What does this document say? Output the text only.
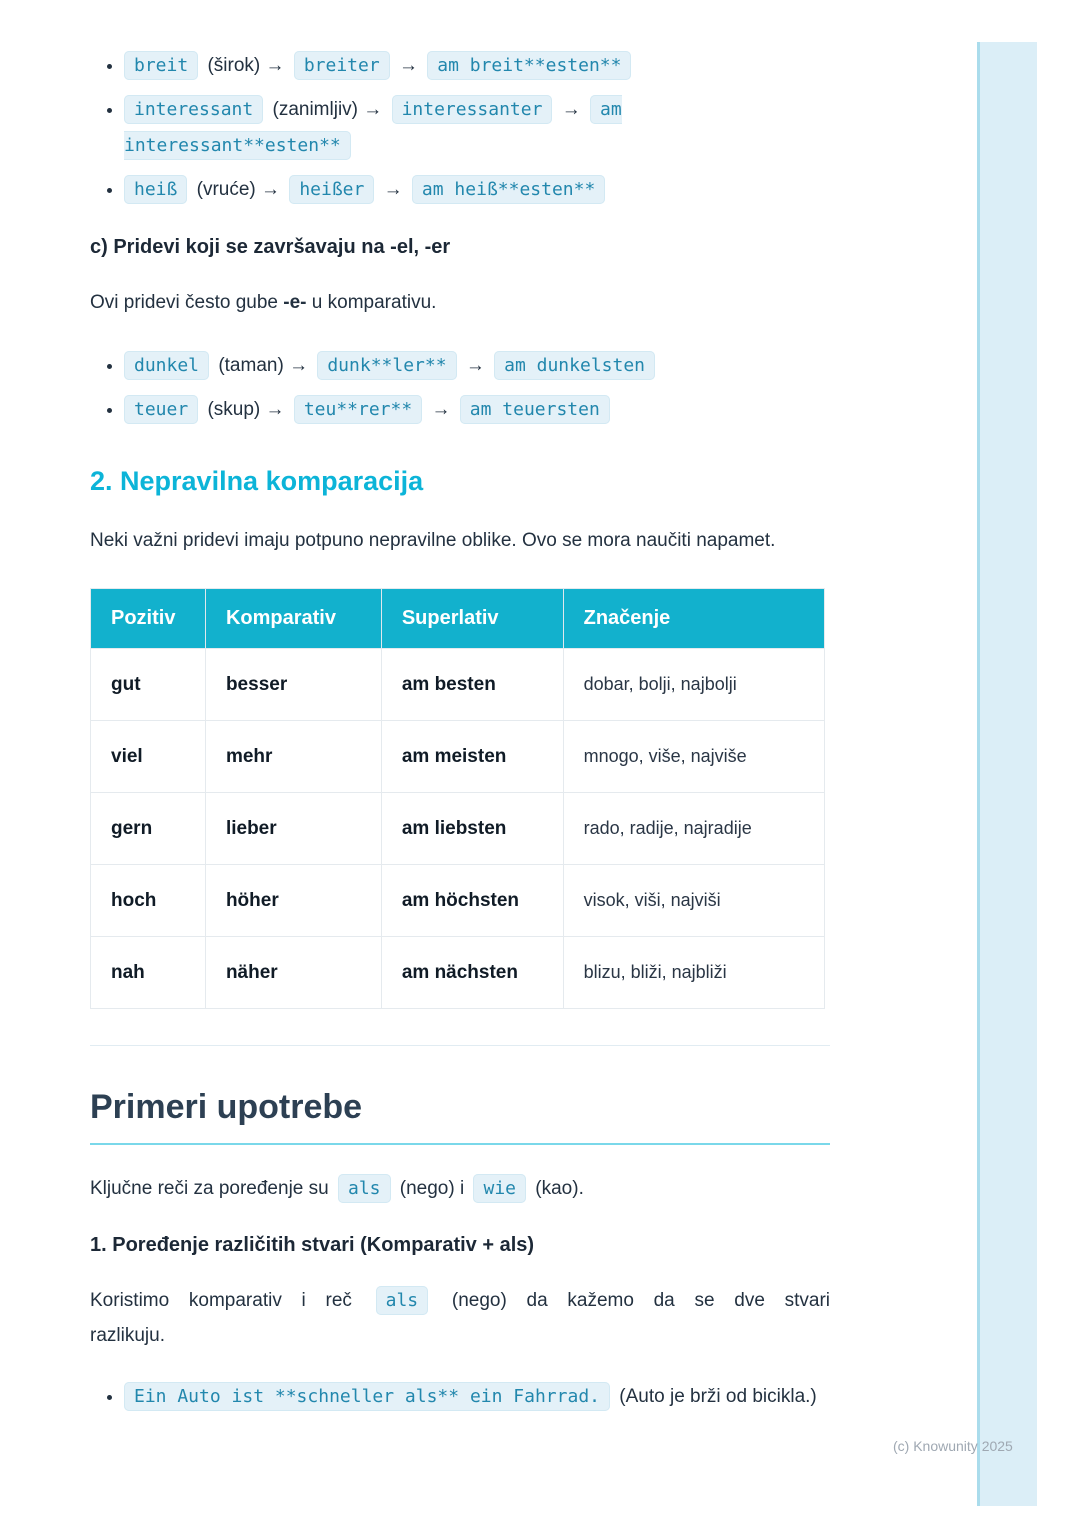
• breit (širok) → breiter → am breit**esten**
• interessant (zanimljiv) → interessanter → am interessant**esten**
• heiß (vruće) → heißer → am heiß**esten**
c) Pridevi koji se završavaju na -el, -er

Ovi pridevi često gube -e- u komparativu.

• dunkel (taman) → dunk**ler** → am dunkelsten
• teuer (skup) → teu**rer** → am teuersten
2. Nepravilna komparacija

Neki važni pridevi imaju potpuno nepravilne oblike. Ovo se mora naučiti napamet.

Pozitiv	Komparativ	Superlativ	Značenje
gut	besser	am besten	dobar, bolji, najbolji
viel	mehr	am meisten	mnogo, više, najviše
gern	lieber	am liebsten	rado, radije, najradije
hoch	höher	am höchsten	visok, viši, najviši
nah	näher	am nächsten	blizu, bliži, najbliži
Primeri upotrebe

Ključne reči za poređenje su als (nego) i wie (kao).

1. Poređenje različitih stvari (Komparativ + als)

Koristimo komparativ i reč als (nego) da kažemo da se dve stvari
razlikuju.

• Ein Auto ist **schneller als** ein Fahrrad. (Auto je brži od bicikla.)
(c) Knowunity 2025
